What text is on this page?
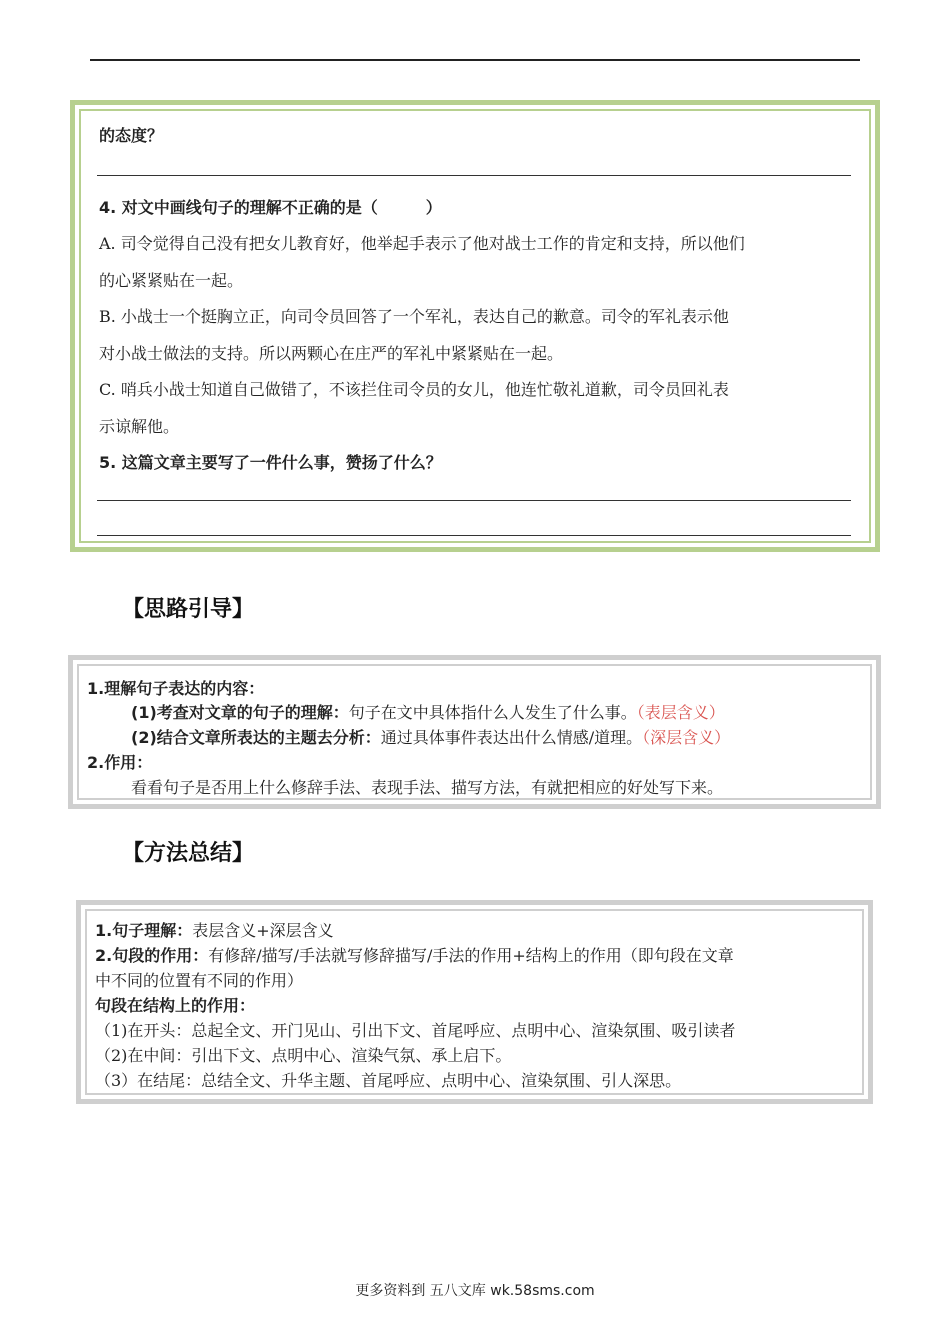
的态度？
4. 对文中画线句子的理解不正确的是（　　　）
A. 司令觉得自己没有把女儿教育好，他举起手表示了他对战士工作的肯定和支持，所以他们
的心紧紧贴在一起。
B. 小战士一个挺胸立正，向司令员回答了一个军礼，表达自己的歉意。司令的军礼表示他
对小战士做法的支持。所以两颗心在庄严的军礼中紧紧贴在一起。
C. 哨兵小战士知道自己做错了，不该拦住司令员的女儿，他连忙敬礼道歉，司令员回礼表
示谅解他。
5. 这篇文章主要写了一件什么事，赞扬了什么？
【思路引导】
1.理解句子表达的内容：
(1)考查对文章的句子的理解：句子在文中具体指什么人发生了什么事。（表层含义）
(2)结合文章所表达的主题去分析：通过具体事件表达出什么情感/道理。（深层含义）
2.作用：
看看句子是否用上什么修辞手法、表现手法、描写方法，有就把相应的好处写下来。
【方法总结】
1.句子理解：表层含义+深层含义
2.句段的作用：有修辞/描写/手法就写修辞描写/手法的作用+结构上的作用（即句段在文章
中不同的位置有不同的作用）
句段在结构上的作用：
（1)在开头：总起全文、开门见山、引出下文、首尾呼应、点明中心、渲染氛围、吸引读者
（2)在中间：引出下文、点明中心、渲染气氛、承上启下。
（3）在结尾：总结全文、升华主题、首尾呼应、点明中心、渲染氛围、引人深思。
更多资料到 五八文库 wk.58sms.com
